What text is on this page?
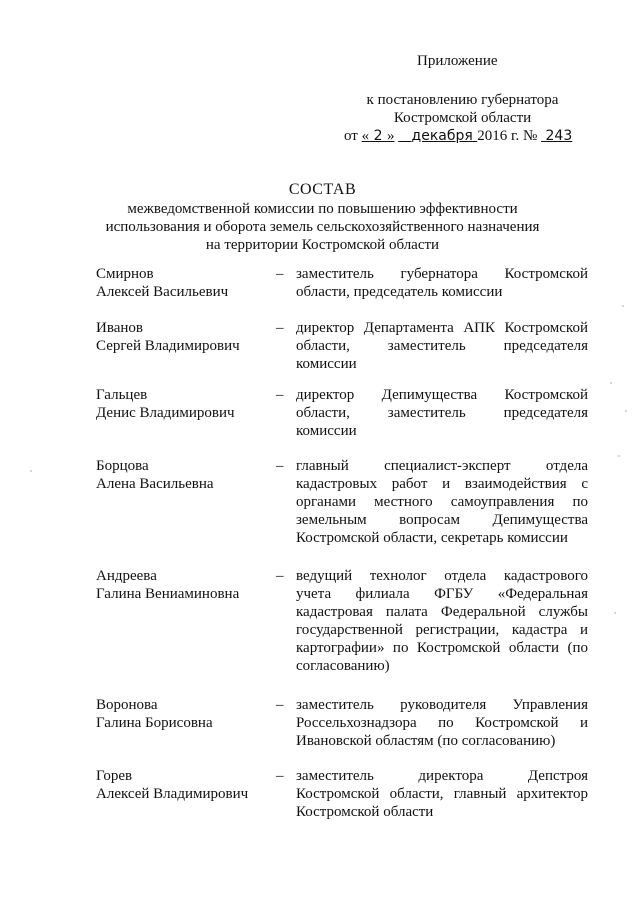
Приложение
к постановлению губернатора
Костромской области
от « 2 » декабря 2016 г. № 243
СОСТАВ
межведомственной комиссии по повышению эффективности
использования и оборота земель сельскохозяйственного назначения
на территории Костромской области
Смирнов
Алексей Васильевич
– заместитель губернатора Костромской
области, председатель комиссии
Иванов
Сергей Владимирович
– директор Департамента АПК Костромской
области, заместитель председателя
комиссии
Гальцев
Денис Владимирович
– директор Депимущества Костромской
области, заместитель председателя
комиссии
Борцова
Алена Васильевна
– главный специалист-эксперт отдела
кадастровых работ и взаимодействия с
органами местного самоуправления по
земельным вопросам Депимущества
Костромской области, секретарь комиссии
Андреева
Галина Вениаминовна
– ведущий технолог отдела кадастрового
учета филиала ФГБУ «Федеральная
кадастровая палата Федеральной службы
государственной регистрации, кадастра и
картографии» по Костромской области (по
согласованию)
Воронова
Галина Борисовна
– заместитель руководителя Управления
Россельхознадзора по Костромской и
Ивановской областям (по согласованию)
Горев
Алексей Владимирович
– заместитель директора Депстроя
Костромской области, главный архитектор
Костромской области
